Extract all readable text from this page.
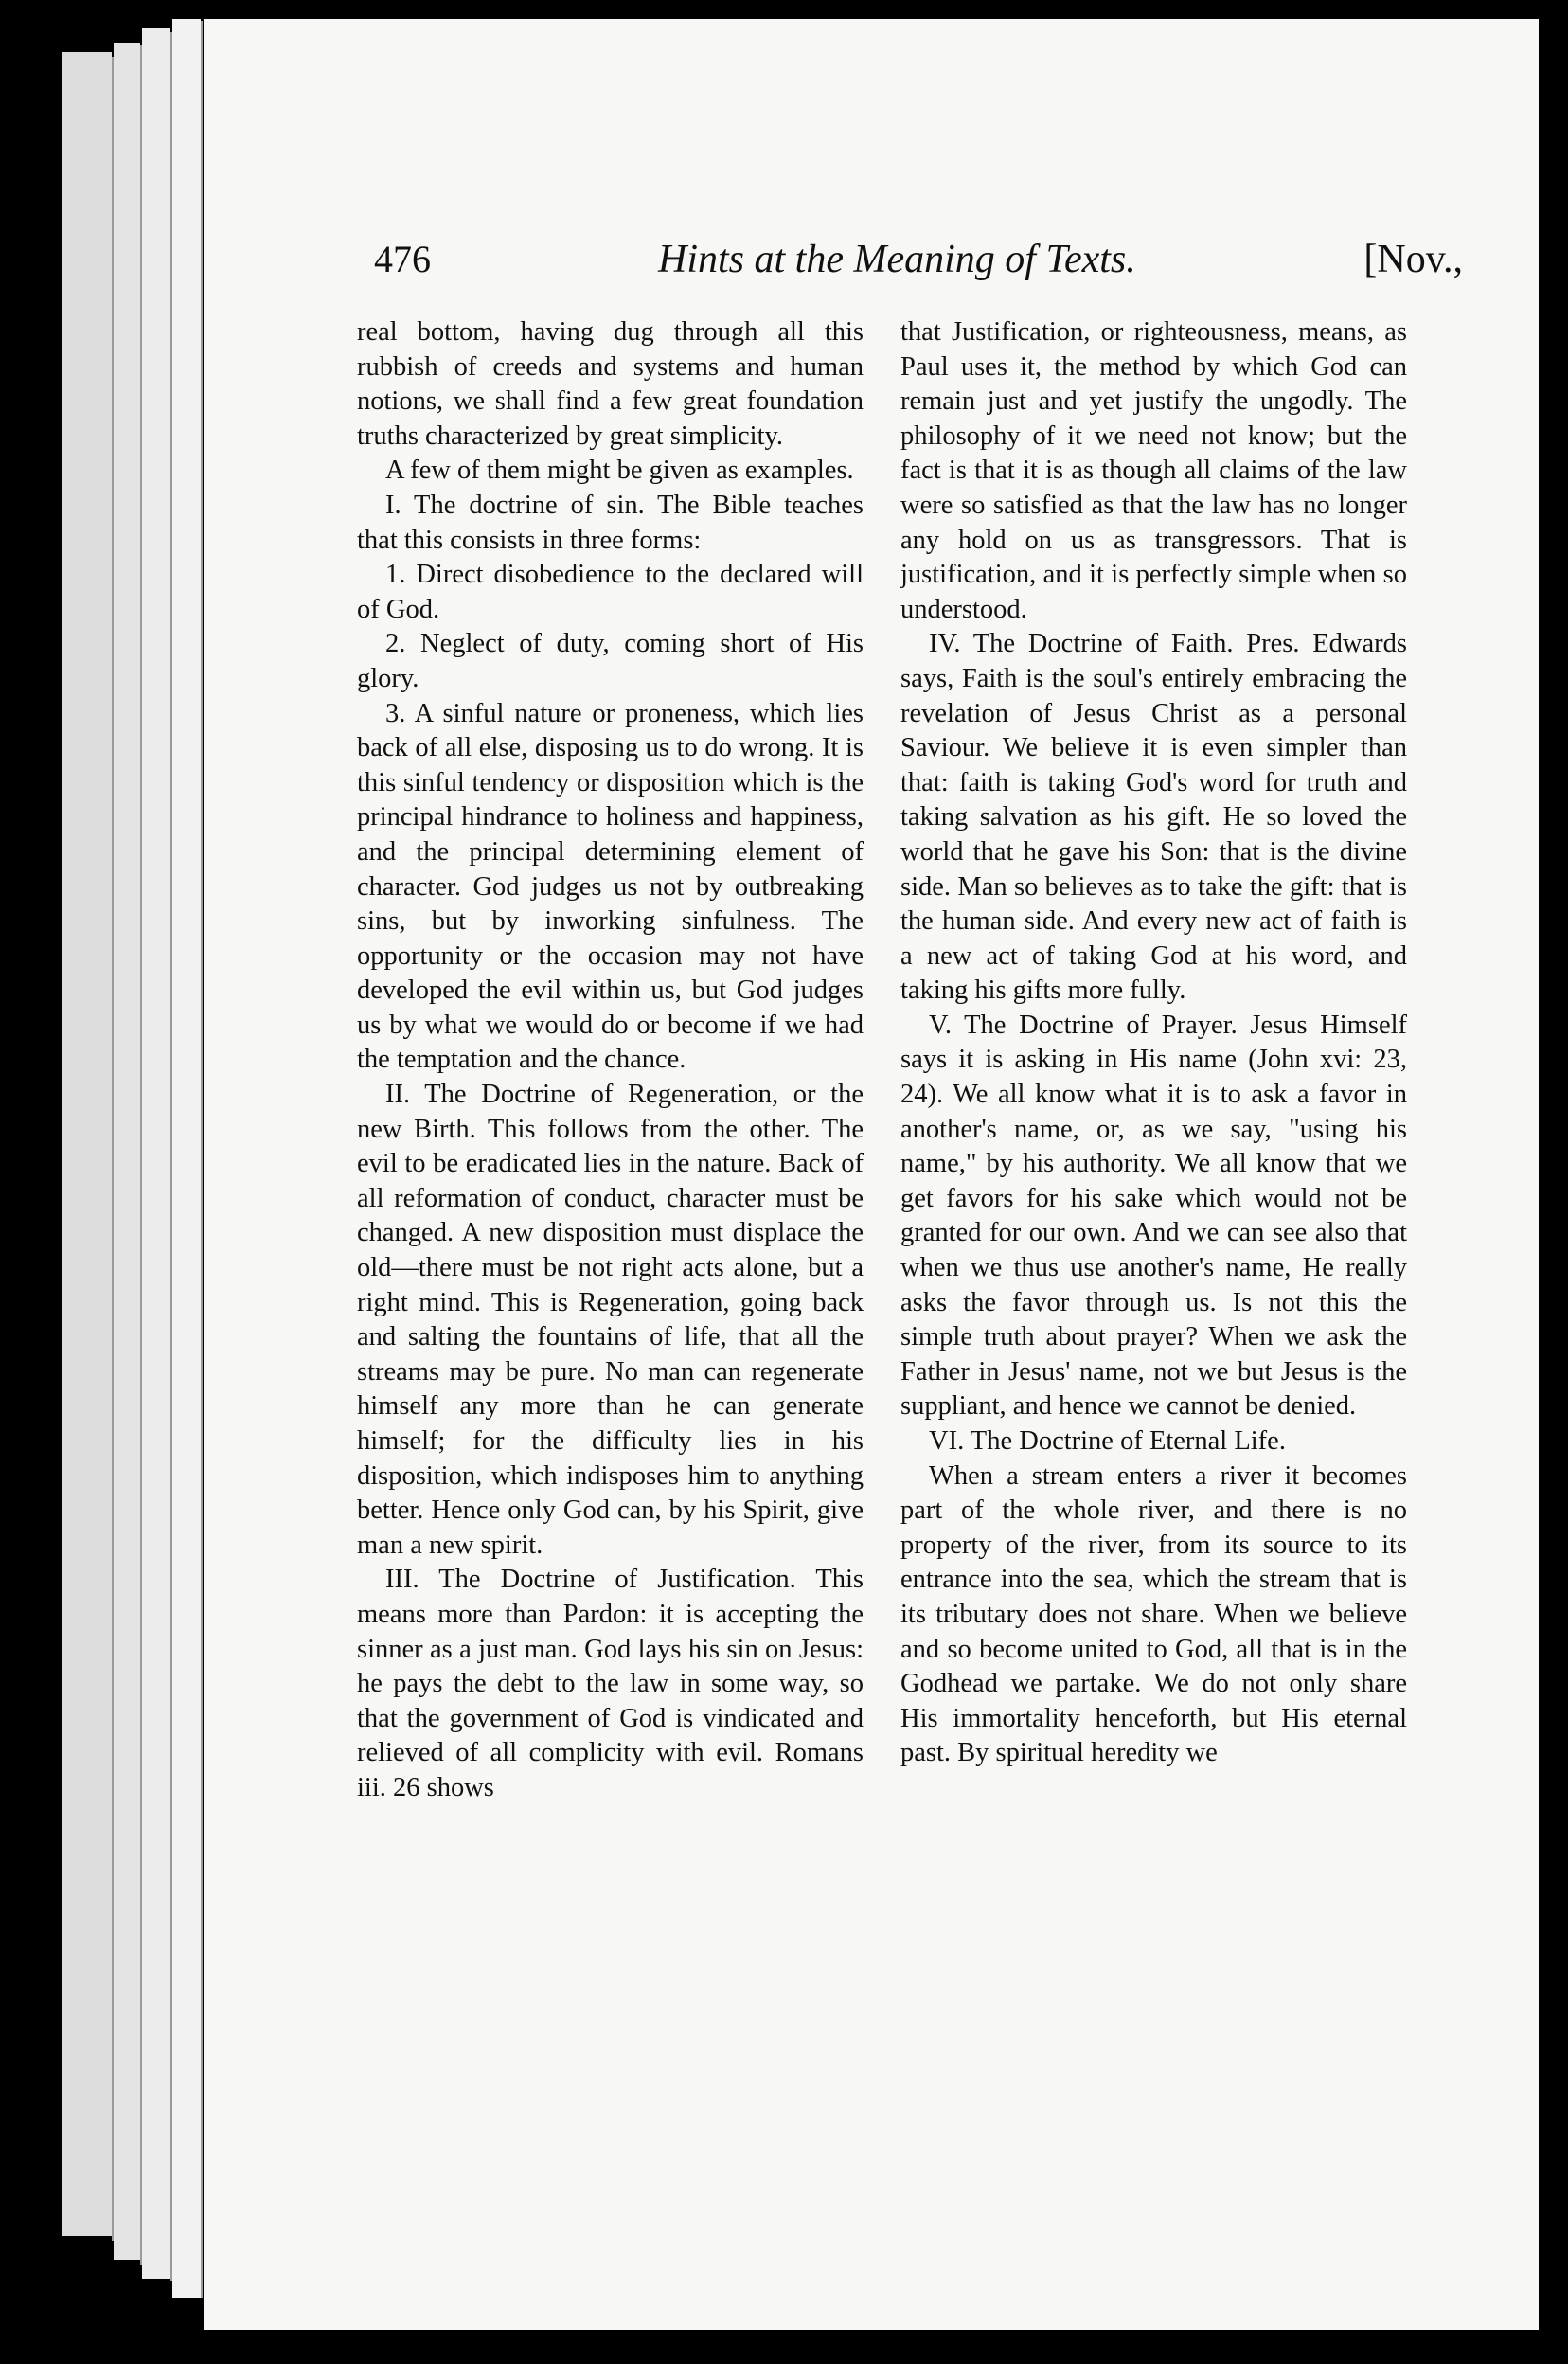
476	Hints at the Meaning of Texts.	[Nov.,

real bottom, having dug through all this rubbish of creeds and systems and human notions, we shall find a few great foundation truths characterized by great simplicity.

A few of them might be given as examples.

I. The doctrine of sin. The Bible teaches that this consists in three forms:

1. Direct disobedience to the declared will of God.

2. Neglect of duty, coming short of His glory.

3. A sinful nature or proneness, which lies back of all else, disposing us to do wrong. It is this sinful tendency or disposition which is the principal hindrance to holiness and happiness, and the principal determining element of character. God judges us not by outbreaking sins, but by inworking sinfulness. The opportunity or the occasion may not have developed the evil within us, but God judges us by what we would do or become if we had the temptation and the chance.

II. The Doctrine of Regeneration, or the new Birth. This follows from the other. The evil to be eradicated lies in the nature. Back of all reformation of conduct, character must be changed. A new disposition must displace the old—there must be not right acts alone, but a right mind. This is Regeneration, going back and salting the fountains of life, that all the streams may be pure. No man can regenerate himself any more than he can generate himself; for the difficulty lies in his disposition, which indisposes him to anything better. Hence only God can, by his Spirit, give man a new spirit.

III. The Doctrine of Justification. This means more than Pardon: it is accepting the sinner as a just man. God lays his sin on Jesus: he pays the debt to the law in some way, so that the government of God is vindicated and relieved of all complicity with evil. Romans iii. 26 shows

that Justification, or righteousness, means, as Paul uses it, the method by which God can remain just and yet justify the ungodly. The philosophy of it we need not know; but the fact is that it is as though all claims of the law were so satisfied as that the law has no longer any hold on us as transgressors. That is justification, and it is perfectly simple when so understood.

IV. The Doctrine of Faith. Pres. Edwards says, Faith is the soul's entirely embracing the revelation of Jesus Christ as a personal Saviour. We believe it is even simpler than that: faith is taking God's word for truth and taking salvation as his gift. He so loved the world that he gave his Son: that is the divine side. Man so believes as to take the gift: that is the human side. And every new act of faith is a new act of taking God at his word, and taking his gifts more fully.

V. The Doctrine of Prayer. Jesus Himself says it is asking in His name (John xvi: 23, 24). We all know what it is to ask a favor in another's name, or, as we say, "using his name," by his authority. We all know that we get favors for his sake which would not be granted for our own. And we can see also that when we thus use another's name, He really asks the favor through us. Is not this the simple truth about prayer? When we ask the Father in Jesus' name, not we but Jesus is the suppliant, and hence we cannot be denied.

VI. The Doctrine of Eternal Life.

When a stream enters a river it becomes part of the whole river, and there is no property of the river, from its source to its entrance into the sea, which the stream that is its tributary does not share. When we believe and so become united to God, all that is in the Godhead we partake. We do not only share His immortality henceforth, but His eternal past. By spiritual heredity we
